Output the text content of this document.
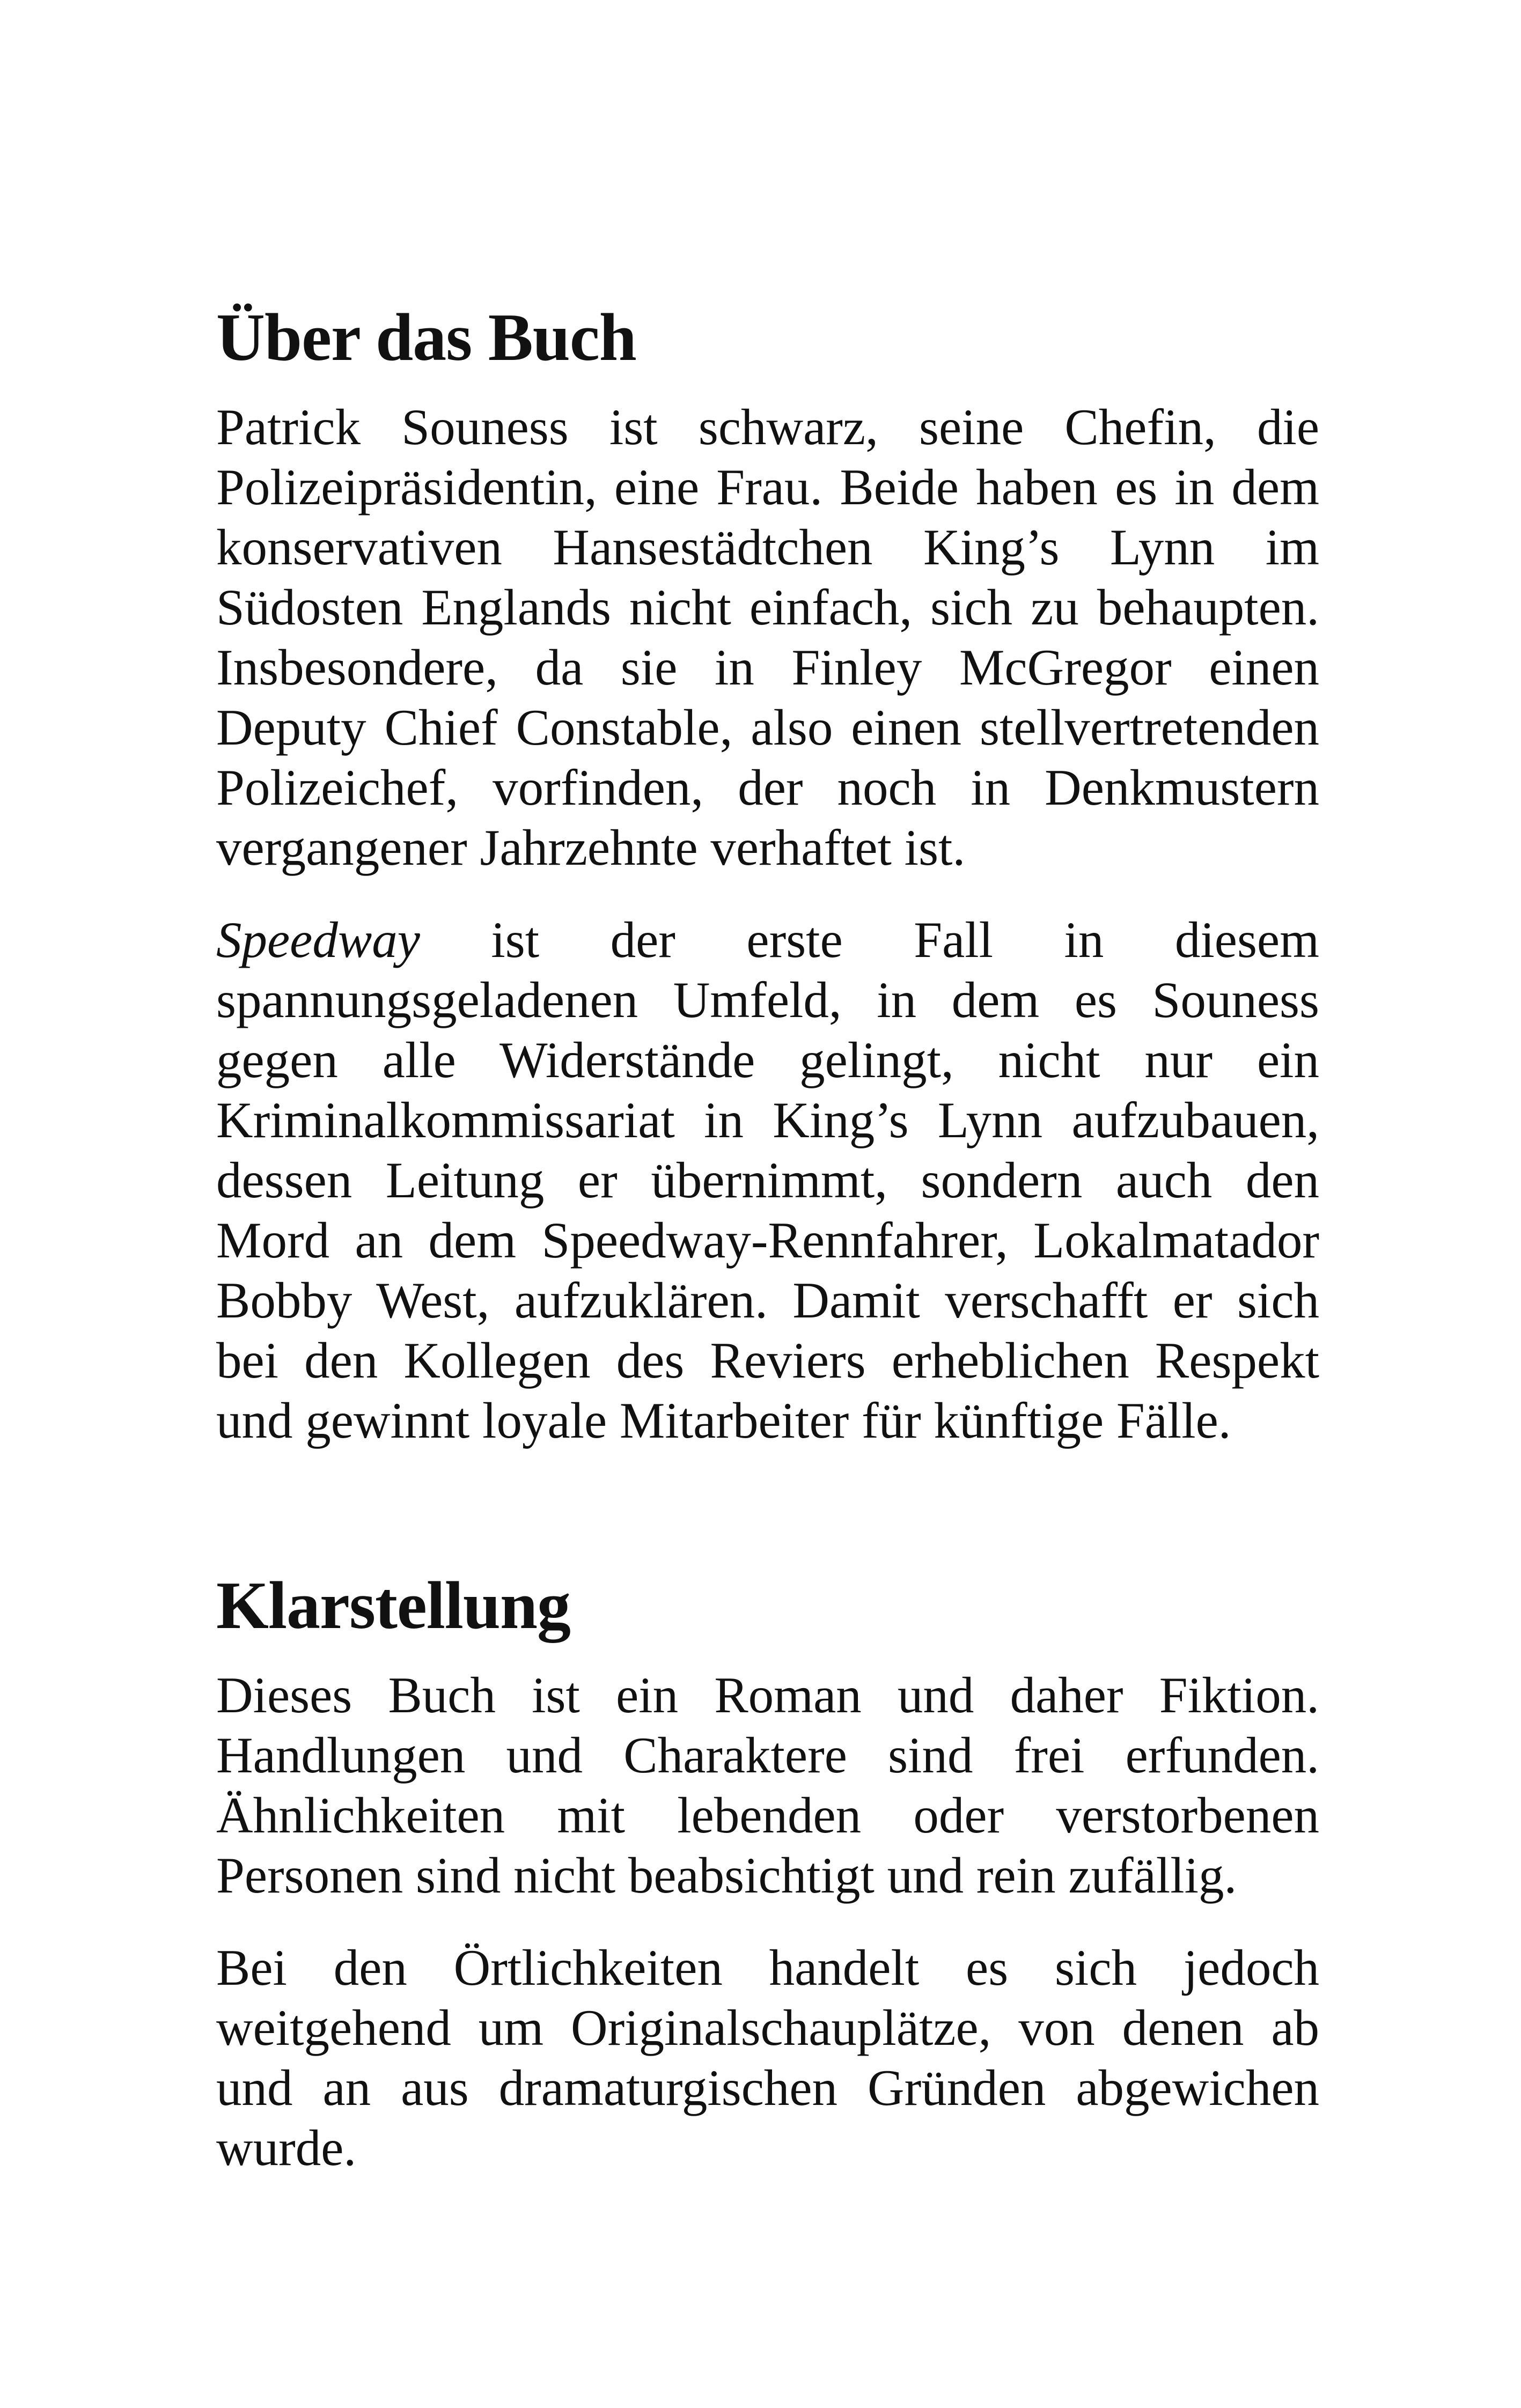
Über das Buch

Patrick Souness ist schwarz, seine Chefin, die Polizeipräsidentin, eine Frau. Beide haben es in dem konservativen Hansestädtchen King’s Lynn im Südosten Englands nicht einfach, sich zu behaupten. Insbesondere, da sie in Finley McGregor einen Deputy Chief Constable, also einen stellvertretenden Polizeichef, vorfinden, der noch in Denkmustern vergangener Jahrzehnte verhaftet ist.

Speedway ist der erste Fall in diesem spannungsgeladenen Umfeld, in dem es Souness gegen alle Widerstände gelingt, nicht nur ein Kriminalkommissariat in King’s Lynn aufzubauen, dessen Leitung er übernimmt, sondern auch den Mord an dem Speedway-Rennfahrer, Lokalmatador Bobby West, aufzuklären. Damit verschafft er sich bei den Kollegen des Reviers erheblichen Respekt und gewinnt loyale Mitarbeiter für künftige Fälle.

Klarstellung

Dieses Buch ist ein Roman und daher Fiktion. Handlungen und Charaktere sind frei erfunden. Ähnlichkeiten mit lebenden oder verstorbenen Personen sind nicht beabsichtigt und rein zufällig.

Bei den Örtlichkeiten handelt es sich jedoch weitgehend um Originalschauplätze, von denen ab und an aus dramaturgischen Gründen abgewichen wurde.
